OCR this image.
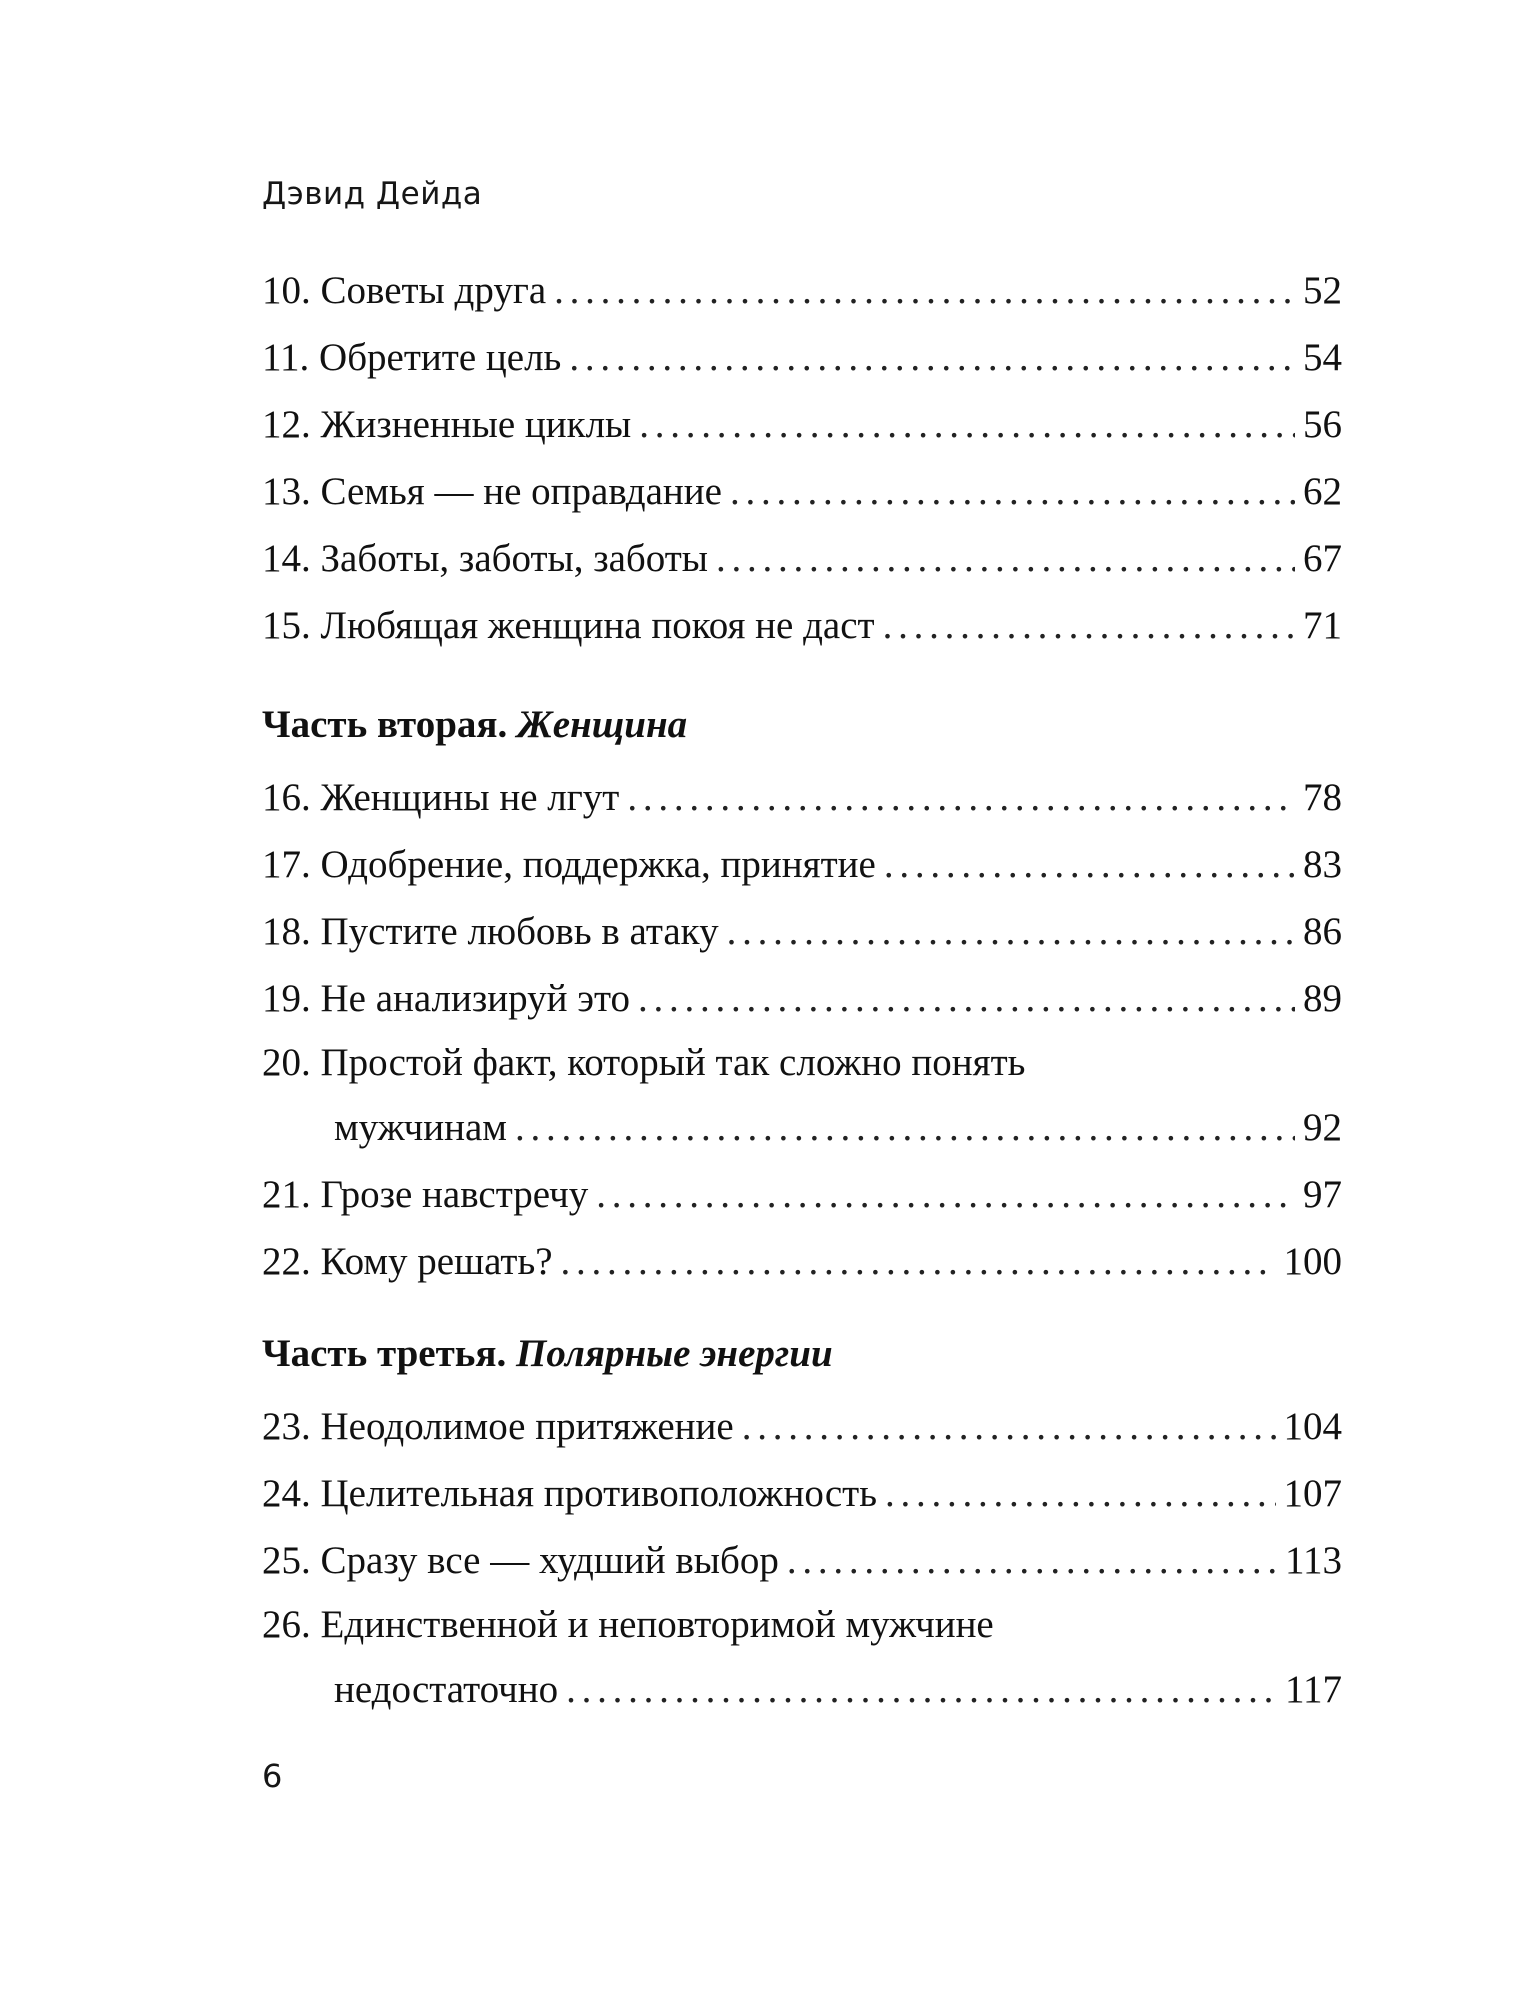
Дэвид Дейда
10. Советы друга . . .	52
11. Обретите цель . . .	54
12. Жизненные циклы . . .	56
13. Семья — не оправдание . . .	62
14. Заботы, заботы, заботы . . .	67
15. Любящая женщина покоя не даст . . .	71
Часть вторая. Женщина
16. Женщины не лгут . . .	78
17. Одобрение, поддержка, принятие . . .	83
18. Пустите любовь в атаку . . .	86
19. Не анализируй это . . .	89
20. Простой факт, который так сложно понять
мужчинам . . .	92
21. Грозе навстречу . . .	97
22. Кому решать? . . .	100
Часть третья. Полярные энергии
23. Неодолимое притяжение . . .	104
24. Целительная противоположность . . .	107
25. Сразу все — худший выбор . . .	113
26. Единственной и неповторимой мужчине
недостаточно . . .	117
6
